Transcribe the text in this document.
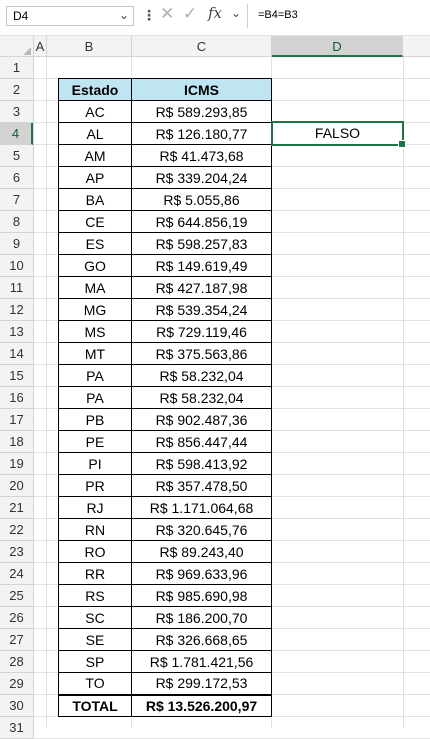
D4	⌄ ⋮ ✕ ✓ fx ⌄ =B4=B3
A	B	C	D
1
2
3
4
5
6
7
8
9
10
11
12
13
14
15
16
17
18
19
20
21
22
23
24
25
26
27
28
29
30
31
Estado	ICMS
AC	R$ 589.293,85
AL	R$ 126.180,77
AM	R$ 41.473,68
AP	R$ 339.204,24
BA	R$ 5.055,86
CE	R$ 644.856,19
ES	R$ 598.257,83
GO	R$ 149.619,49
MA	R$ 427.187,98
MG	R$ 539.354,24
MS	R$ 729.119,46
MT	R$ 375.563,86
PA	R$ 58.232,04
PA	R$ 58.232,04
PB	R$ 902.487,36
PE	R$ 856.447,44
PI	R$ 598.413,92
PR	R$ 357.478,50
RJ	R$ 1.171.064,68
RN	R$ 320.645,76
RO	R$ 89.243,40
RR	R$ 969.633,96
RS	R$ 985.690,98
SC	R$ 186.200,70
SE	R$ 326.668,65
SP	R$ 1.781.421,56
TO	R$ 299.172,53
TOTAL	R$ 13.526.200,97
FALSO
